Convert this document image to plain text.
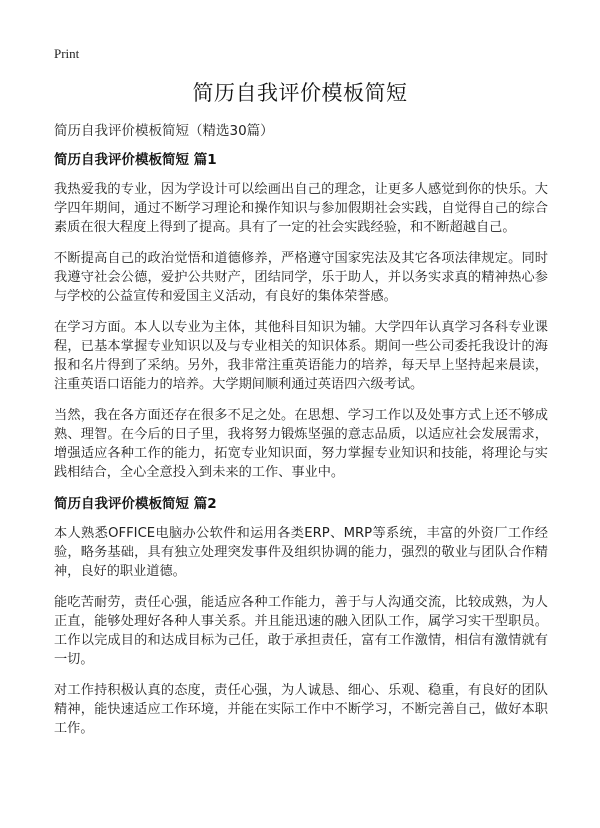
Print
简历自我评价模板简短
简历自我评价模板简短（精选30篇）
简历自我评价模板简短 篇1

我热爱我的专业，因为学设计可以绘画出自己的理念，让更多人感觉到你的快乐。大学四年期间，通过不断学习理论和操作知识与参加假期社会实践，自觉得自己的综合素质在很大程度上得到了提高。具有了一定的社会实践经验，和不断超越自己。

不断提高自己的政治觉悟和道德修养，严格遵守国家宪法及其它各项法律规定。同时我遵守社会公德，爱护公共财产，团结同学，乐于助人，并以务实求真的精神热心参与学校的公益宣传和爱国主义活动，有良好的集体荣誉感。

在学习方面。本人以专业为主体，其他科目知识为辅。大学四年认真学习各科专业课程，已基本掌握专业知识以及与专业相关的知识体系。期间一些公司委托我设计的海报和名片得到了采纳。另外，我非常注重英语能力的培养，每天早上坚持起来晨读，注重英语口语能力的培养。大学期间顺利通过英语四六级考试。

当然，我在各方面还存在很多不足之处。在思想、学习工作以及处事方式上还不够成熟、理智。在今后的日子里，我将努力锻炼坚强的意志品质，以适应社会发展需求，增强适应各种工作的能力，拓宽专业知识面，努力掌握专业知识和技能，将理论与实践相结合，全心全意投入到未来的工作、事业中。

简历自我评价模板简短 篇2

本人熟悉OFFICE电脑办公软件和运用各类ERP、MRP等系统，丰富的外资厂工作经验，略务基础，具有独立处理突发事件及组织协调的能力，强烈的敬业与团队合作精神，良好的职业道德。

能吃苦耐劳，责任心强，能适应各种工作能力，善于与人沟通交流，比较成熟，为人正直，能够处理好各种人事关系。并且能迅速的融入团队工作，属学习实干型职员。工作以完成目的和达成目标为己任，敢于承担责任，富有工作激情，相信有激情就有一切。

对工作持积极认真的态度，责任心强，为人诚恳、细心、乐观、稳重，有良好的团队精神，能快速适应工作环境，并能在实际工作中不断学习，不断完善自己，做好本职工作。
